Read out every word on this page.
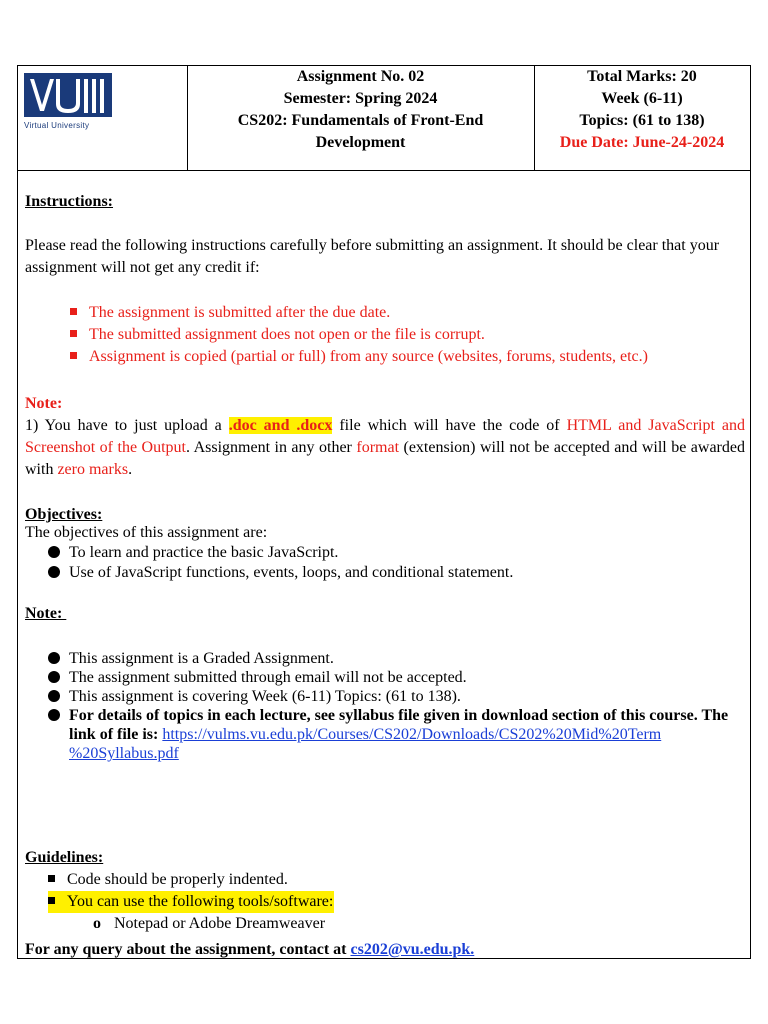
Virtual University
Assignment No. 02
Semester: Spring 2024
CS202: Fundamentals of Front-End
Development
Total Marks: 20
Week (6-11)
Topics: (61 to 138)
Due Date: June-24-2024
Instructions:
Please read the following instructions carefully before submitting an assignment. It should be clear that your assignment will not get any credit if:
The assignment is submitted after the due date.
The submitted assignment does not open or the file is corrupt.
Assignment is copied (partial or full) from any source (websites, forums, students, etc.)
Note:
1) You have to just upload a .doc and .docx file which will have the code of HTML and JavaScript and Screenshot of the Output. Assignment in any other format (extension) will not be accepted and will be awarded with zero marks.
Objectives:
The objectives of this assignment are:
To learn and practice the basic JavaScript.
Use of JavaScript functions, events, loops, and conditional statement.
Note:
This assignment is a Graded Assignment.
The assignment submitted through email will not be accepted.
This assignment is covering Week (6-11) Topics: (61 to 138).
For details of topics in each lecture, see syllabus file given in download section of this course. The link of file is: https://vulms.vu.edu.pk/Courses/CS202/Downloads/CS202%20Mid%20Term
%20Syllabus.pdf
Guidelines:
Code should be properly indented.
You can use the following tools/software:
o Notepad or Adobe Dreamweaver
For any query about the assignment, contact at cs202@vu.edu.pk.
